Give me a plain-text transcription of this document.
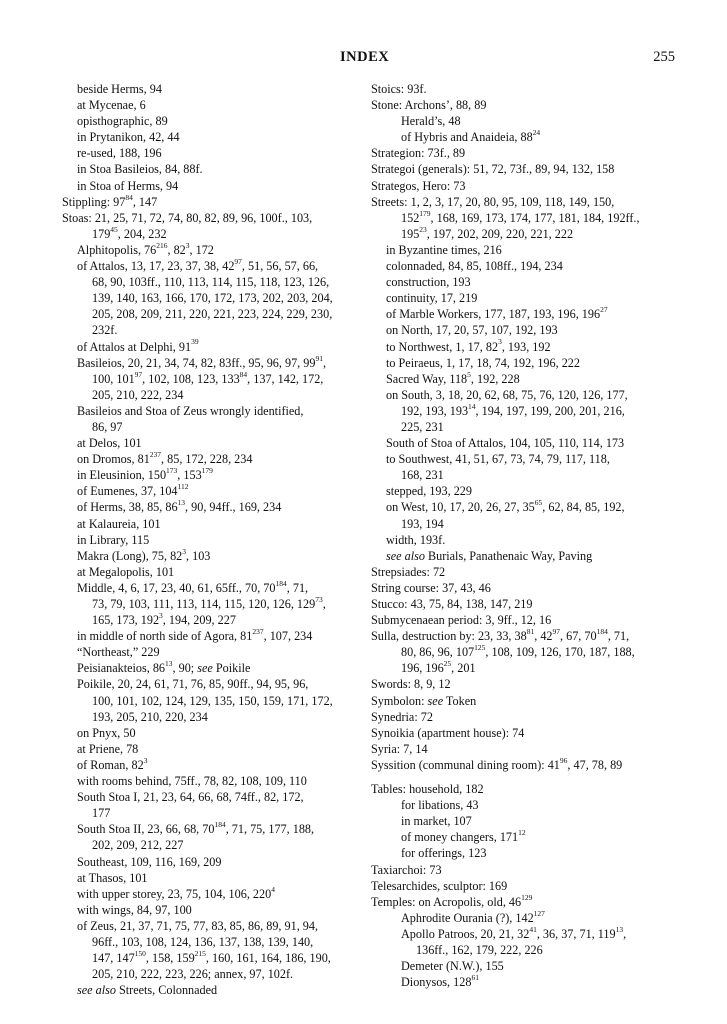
INDEX	255
beside Herms, 94
at Mycenae, 6
opisthographic, 89
in Prytanikon, 42, 44
re-used, 188, 196
in Stoa Basileios, 84, 88f.
in Stoa of Herms, 94
Stippling: $97^{84}$, 147
Stoas: 21, 25, 71, 72, 74, 80, 82, 89, 96, 100f., 103,
$179^{45}$, 204, 232
Alphitopolis, $76^{216}$, $82^3$, 172
of Attalos, 13, 17, 23, 37, 38, $42^{97}$, 51, 56, 57, 66,
68, 90, 103ff., 110, 113, 114, 115, 118, 123, 126,
139, 140, 163, 166, 170, 172, 173, 202, 203, 204,
205, 208, 209, 211, 220, 221, 223, 224, 229, 230,
232f.
of Attalos at Delphi, $91^{39}$
Basileios, 20, 21, 34, 74, 82, 83ff., 95, 96, 97, $99^{91}$,
100, $101^{97}$, 102, 108, 123, $133^{84}$, 137, 142, 172,
205, 210, 222, 234
Basileios and Stoa of Zeus wrongly identified,
86, 97
at Delos, 101
on Dromos, $81^{237}$, 85, 172, 228, 234
in Eleusinion, $150^{173}$, $153^{179}$
of Eumenes, 37, $104^{112}$
of Herms, 38, 85, $86^{13}$, 90, 94ff., 169, 234
at Kalaureia, 101
in Library, 115
Makra (Long), 75, $82^3$, 103
at Megalopolis, 101
Middle, 4, 6, 17, 23, 40, 61, 65ff., 70, $70^{184}$, 71,
73, 79, 103, 111, 113, 114, 115, 120, 126, $129^{73}$,
165, 173, $192^3$, 194, 209, 227
in middle of north side of Agora, $81^{237}$, 107, 234
“Northeast,” 229
Peisianakteios, $86^{13}$, 90; see Poikile
Poikile, 20, 24, 61, 71, 76, 85, 90ff., 94, 95, 96,
100, 101, 102, 124, 129, 135, 150, 159, 171, 172,
193, 205, 210, 220, 234
on Pnyx, 50
at Priene, 78
of Roman, $82^3$
with rooms behind, 75ff., 78, 82, 108, 109, 110
South Stoa I, 21, 23, 64, 66, 68, 74ff., 82, 172,
177
South Stoa II, 23, 66, 68, $70^{184}$, 71, 75, 177, 188,
202, 209, 212, 227
Southeast, 109, 116, 169, 209
at Thasos, 101
with upper storey, 23, 75, 104, 106, $220^4$
with wings, 84, 97, 100
of Zeus, 21, 37, 71, 75, 77, 83, 85, 86, 89, 91, 94,
96ff., 103, 108, 124, 136, 137, 138, 139, 140,
147, $147^{150}$, 158, $159^{215}$, 160, 161, 164, 186, 190,
205, 210, 222, 223, 226; annex, 97, 102f.
see also Streets, Colonnaded
Stoics: 93f.
Stone: Archons’, 88, 89
Herald’s, 48
of Hybris and Anaideia, $88^{24}$
Strategion: 73f., 89
Strategoi (generals): 51, 72, 73f., 89, 94, 132, 158
Strategos, Hero: 73
Streets: 1, 2, 3, 17, 20, 80, 95, 109, 118, 149, 150,
$152^{179}$, 168, 169, 173, 174, 177, 181, 184, 192ff.,
$195^{23}$, 197, 202, 209, 220, 221, 222
in Byzantine times, 216
colonnaded, 84, 85, 108ff., 194, 234
construction, 193
continuity, 17, 219
of Marble Workers, 177, 187, 193, 196, $196^{27}$
on North, 17, 20, 57, 107, 192, 193
to Northwest, 1, 17, $82^3$, 193, 192
to Peiraeus, 1, 17, 18, 74, 192, 196, 222
Sacred Way, $118^5$, 192, 228
on South, 3, 18, 20, 62, 68, 75, 76, 120, 126, 177,
192, 193, $193^{14}$, 194, 197, 199, 200, 201, 216,
225, 231
South of Stoa of Attalos, 104, 105, 110, 114, 173
to Southwest, 41, 51, 67, 73, 74, 79, 117, 118,
168, 231
stepped, 193, 229
on West, 10, 17, 20, 26, 27, $35^{65}$, 62, 84, 85, 192,
193, 194
width, 193f.
see also Burials, Panathenaic Way, Paving
Strepsiades: 72
String course: 37, 43, 46
Stucco: 43, 75, 84, 138, 147, 219
Submycenaean period: 3, 9ff., 12, 16
Sulla, destruction by: 23, 33, $38^{81}$, $42^{97}$, 67, $70^{184}$, 71,
80, 86, 96, $107^{125}$, 108, 109, 126, 170, 187, 188,
196, $196^{25}$, 201
Swords: 8, 9, 12
Symbolon: see Token
Synedria: 72
Synoikia (apartment house): 74
Syria: 7, 14
Syssition (communal dining room): $41^{96}$, 47, 78, 89
Tables: household, 182
for libations, 43
in market, 107
of money changers, $171^{12}$
for offerings, 123
Taxiarchoi: 73
Telesarchides, sculptor: 169
Temples: on Acropolis, old, $46^{129}$
Aphrodite Ourania (?), $142^{127}$
Apollo Patroos, 20, 21, $32^{41}$, 36, 37, 71, $119^{13}$,
136ff., 162, 179, 222, 226
Demeter (N.W.), 155
Dionysos, $128^{61}$
